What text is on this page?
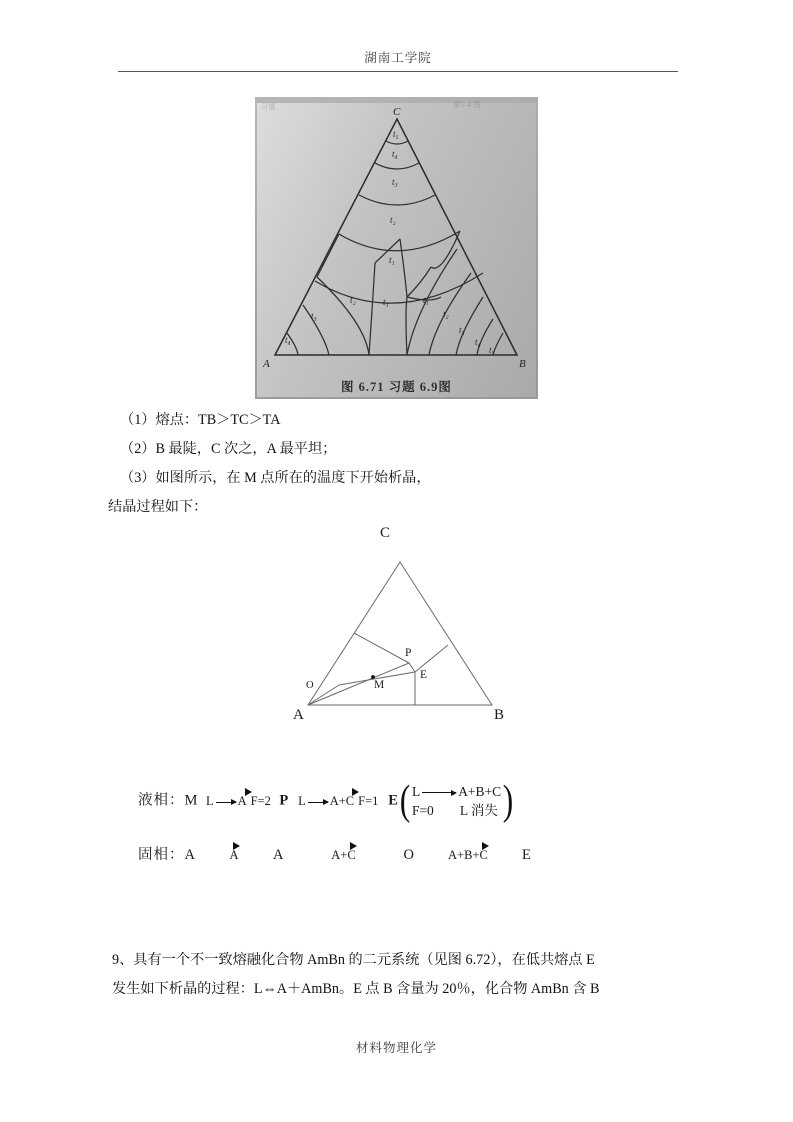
湖南工学院
第5-4 图
习题	C
A	B
t₅
t₄
t₃
t₂
t₁
t₁
t₂
t₃
t₄
t₁
t₂
t₃
t₄
t₅
图 6.71 习题 6.9图
（1）熔点：TB＞TC＞TA
（2）B 最陡，C 次之，A 最平坦；
（3）如图所示，在 M 点所在的温度下开始析晶，
结晶过程如下：
C
A	B
O
P
E
M
液相：M L A F=2 P L A+C F=1 E( L	A+B+C
F=0 L 消失 )
固相：A	A A	A+C	O	A+B+C E
9、具有一个不一致熔融化合物 AmBn 的二元系统（见图 6.72），在低共熔点 E
发生如下析晶的过程：L⇔A＋AmBn。E 点 B 含量为 20％，化合物 AmBn 含 B
材料物理化学
